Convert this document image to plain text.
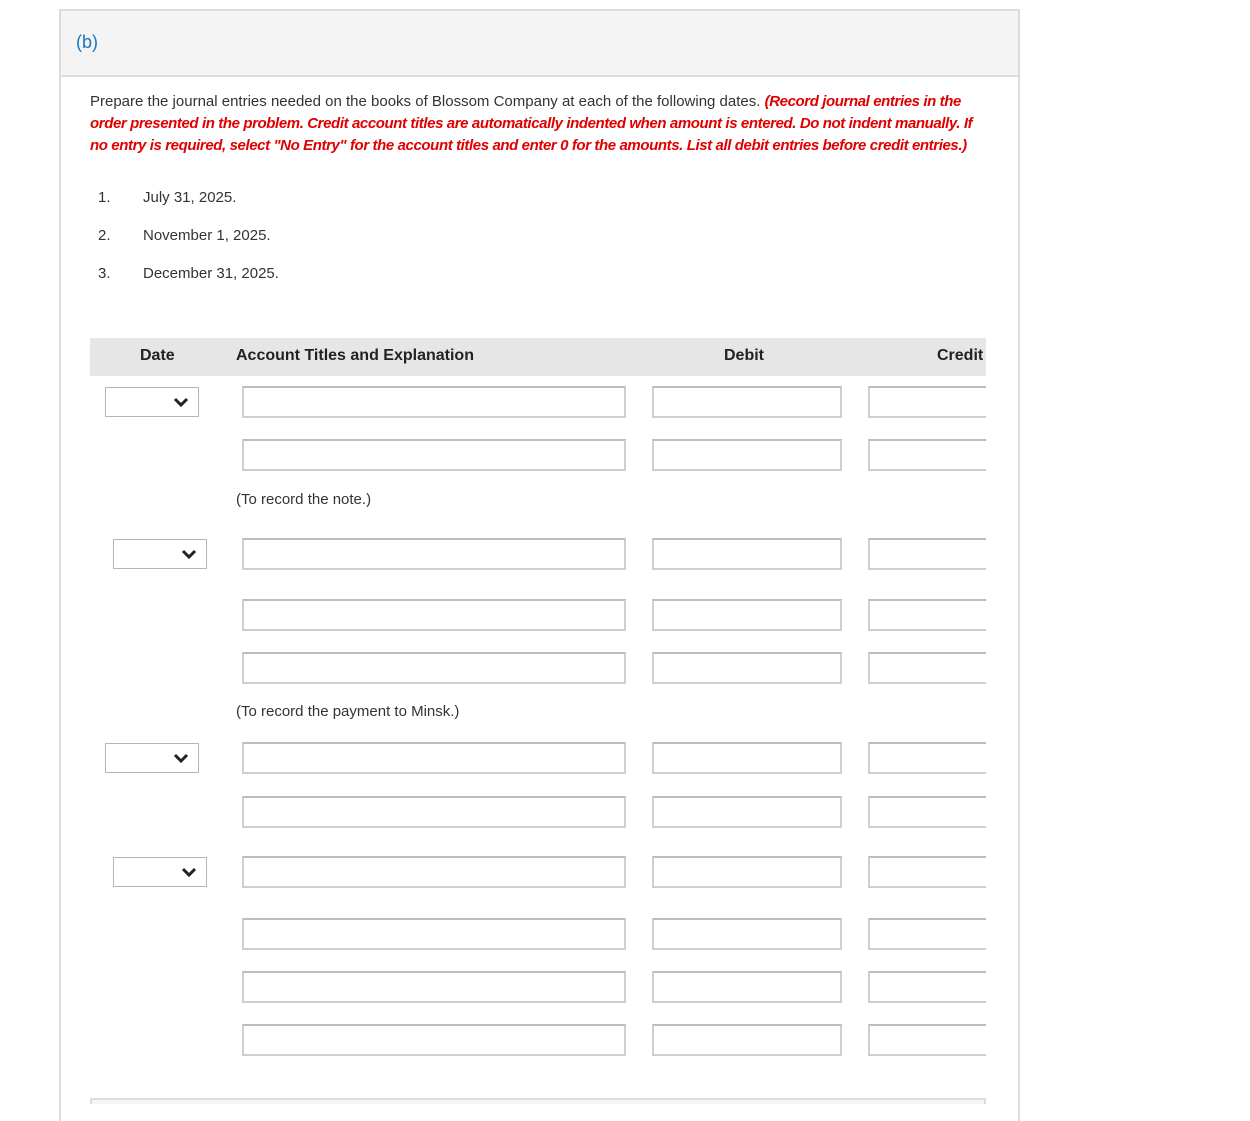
(b)
Prepare the journal entries needed on the books of Blossom Company at each of the following dates. (Record journal entries in the order presented in the problem. Credit account titles are automatically indented when amount is entered. Do not indent manually. If no entry is required, select "No Entry" for the account titles and enter 0 for the amounts. List all debit entries before credit entries.)
1. July 31, 2025.
2. November 1, 2025.
3. December 31, 2025.
Date	Account Titles and Explanation	Debit	Credit
(To record the note.)
(To record the payment to Minsk.)
